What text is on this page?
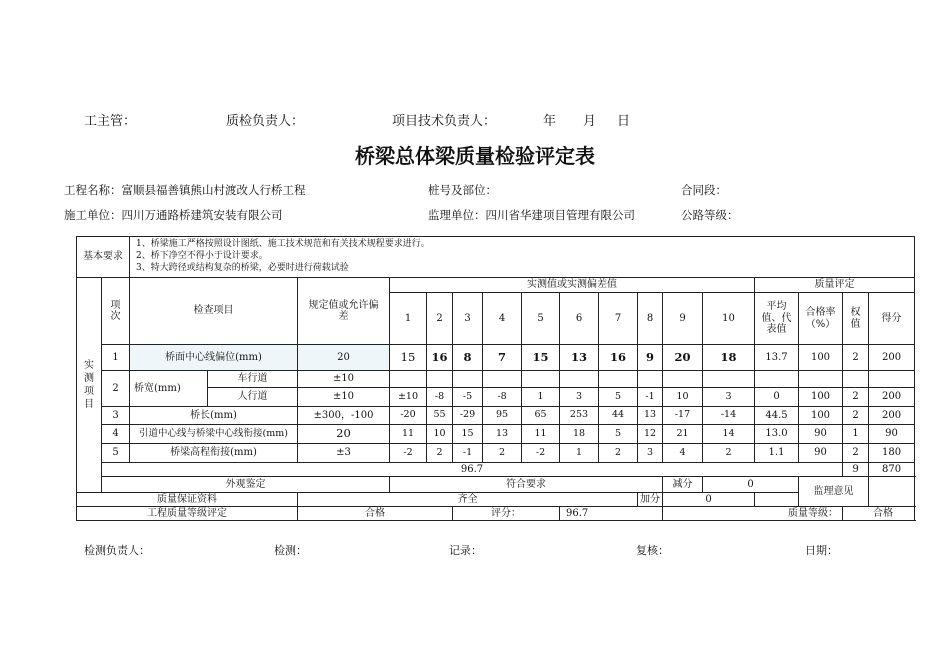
工主管：	质检负责人：	项目技术负责人：	年 月 日
桥梁总体梁质量检验评定表
工程名称：富顺县福善镇熊山村渡改人行桥工程	桩号及部位：	合同段：
施工单位：四川万通路桥建筑安装有限公司	监理单位：四川省华建项目管理有限公司	公路等级：
基本要求		1、桥梁施工严格按照设计图纸、施工技术规范和有关技术规程要求进行。
2、桥下净空不得小于设计要求。
3、特大跨径或结构复杂的桥梁，必要时进行荷载试验																

实测项目	项次	检查项目		规定值或允许偏差	实测值或实测偏差值										质量评定			
					1	2	3	4	5	6	7	8	9	10	平均值、代表值	合格率（%）	权值	得分
	1	桥面中心线偏位(mm)		20	15	16	8	7	15	13	16	9	20	18	13.7	100	2	200
	2	桥宽(mm)	车行道	±10														
			人行道	±10	±10	-8	-5	-8	1	3	5	-1	10	3	0	100	2	200
	3	桥长(mm)		±300，-100	-20	55	-29	95	65	253	44	13	-17	-14	44.5	100	2	200
	4	引道中心线与桥梁中心线衔接(mm)		20	11	10	15	13	11	18	5	12	21	14	13.0	90	1	90
	5	桥梁高程衔接(mm)		±3	-2	2	-1	2	-2	1	2	3	4	2	1.1	90	2	180
	96.7																9	870
	外观鉴定				符合要求								减分	0		监理意见		
质量保证资料				齐全								加分	0					
工程质量等级评定				合格			评分：			96.7			质量等级：				合格	
检测负责人：	检测：	记录：	复核：	日期：
